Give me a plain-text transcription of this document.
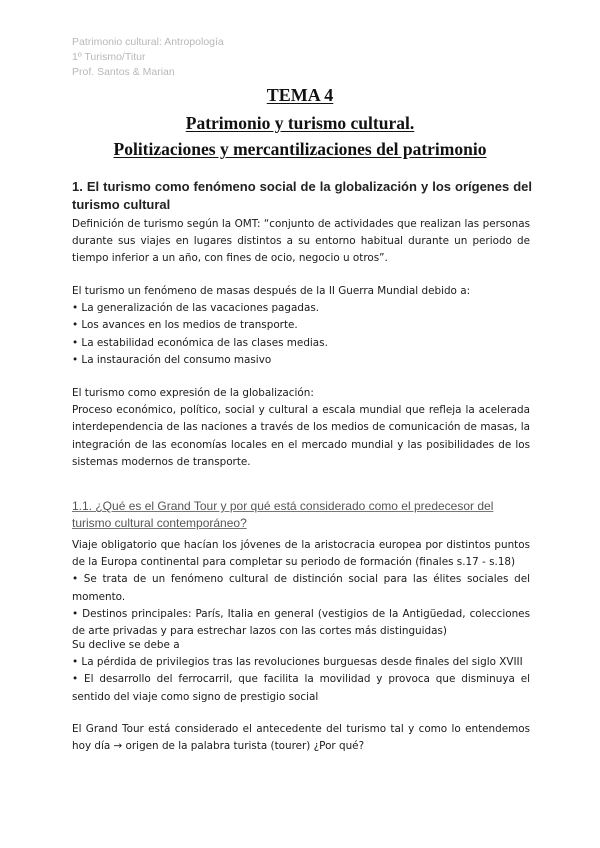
Patrimonio cultural: Antropología
1º Turismo/Titur
Prof. Santos & Marian
TEMA 4
Patrimonio y turismo cultural.
Politizaciones y mercantilizaciones del patrimonio
1. El turismo como fenómeno social de la globalización y los orígenes del turismo cultural
Definición de turismo según la OMT: “conjunto de actividades que realizan las personas durante sus viajes en lugares distintos a su entorno habitual durante un periodo de tiempo inferior a un año, con fines de ocio, negocio u otros”.
El turismo un fenómeno de masas después de la II Guerra Mundial debido a:
• La generalización de las vacaciones pagadas.
• Los avances en los medios de transporte.
• La estabilidad económica de las clases medias.
• La instauración del consumo masivo
El turismo como expresión de la globalización:
Proceso económico, político, social y cultural a escala mundial que refleja la acelerada interdependencia de las naciones a través de los medios de comunicación de masas, la integración de las economías locales en el mercado mundial y las posibilidades de los sistemas modernos de transporte.
1.1. ¿Qué es el Grand Tour y por qué está considerado como el predecesor del turismo cultural contemporáneo?
Viaje obligatorio que hacían los jóvenes de la aristocracia europea por distintos puntos de la Europa continental para completar su periodo de formación (finales s.17 - s.18)
• Se trata de un fenómeno cultural de distinción social para las élites sociales del momento.
• Destinos principales: París, Italia en general (vestigios de la Antigüedad, colecciones de arte privadas y para estrechar lazos con las cortes más distinguidas)
Su declive se debe a
• La pérdida de privilegios tras las revoluciones burguesas desde finales del siglo XVIII
• El desarrollo del ferrocarril, que facilita la movilidad y provoca que disminuya el sentido del viaje como signo de prestigio social
El Grand Tour está considerado el antecedente del turismo tal y como lo entendemos hoy día → origen de la palabra turista (tourer) ¿Por qué?
